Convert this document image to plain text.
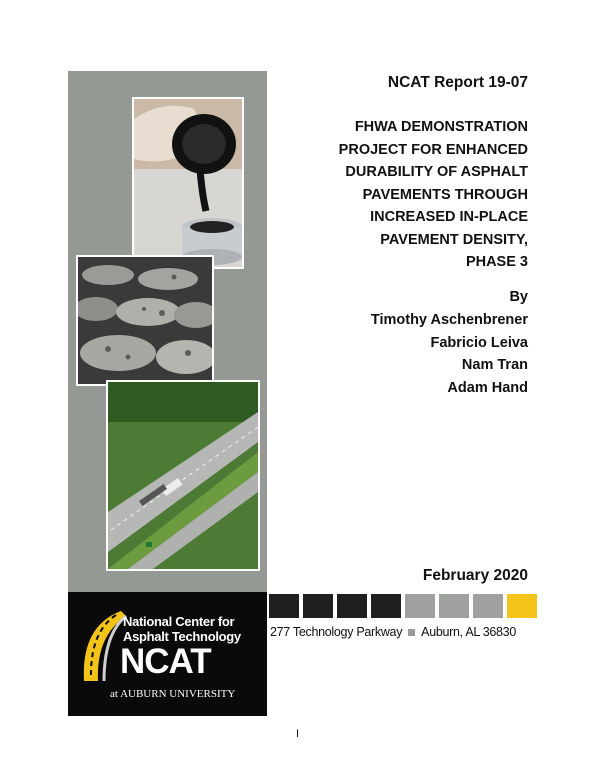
National Center for
Asphalt Technology
NCAT
at AUBURN UNIVERSITY
NCAT Report 19-07
FHWA DEMONSTRATION
PROJECT FOR ENHANCED
DURABILITY OF ASPHALT
PAVEMENTS THROUGH
INCREASED IN-PLACE
PAVEMENT DENSITY,
PHASE 3
By
Timothy Aschenbrener
Fabricio Leiva
Nam Tran
Adam Hand
February 2020
277 Technology Parkway Auburn, AL 36830
I
